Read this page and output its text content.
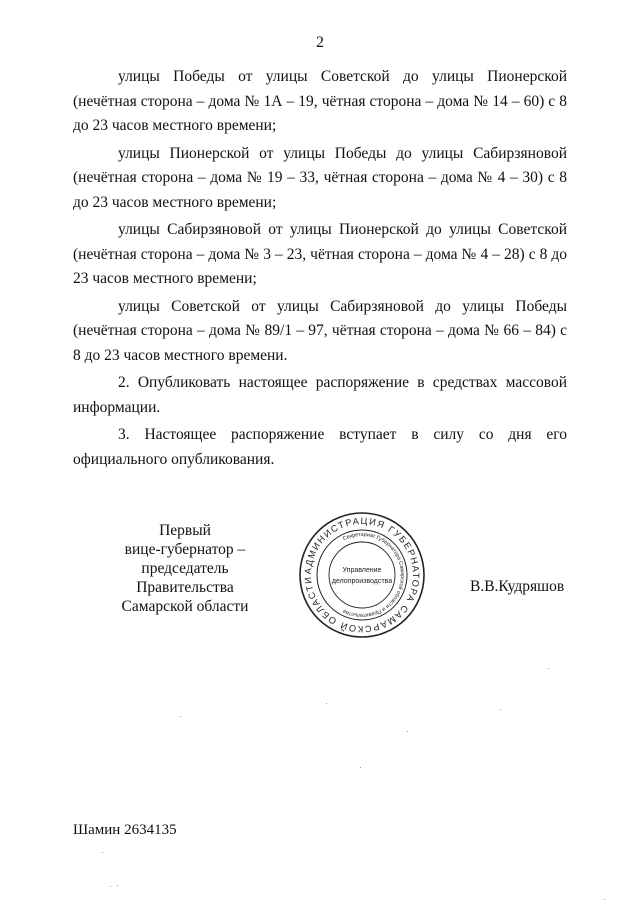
2

улицы Победы от улицы Советской до улицы Пионерской (нечётная сторона – дома № 1А – 19, чётная сторона – дома № 14 – 60) с 8 до 23 часов местного времени;

улицы Пионерской от улицы Победы до улицы Сабирзяновой (нечётная сторона – дома № 19 – 33, чётная сторона – дома № 4 – 30) с 8 до 23 часов местного времени;

улицы Сабирзяновой от улицы Пионерской до улицы Советской (нечётная сторона – дома № 3 – 23, чётная сторона – дома № 4 – 28) с 8 до 23 часов местного времени;

улицы Советской от улицы Сабирзяновой до улицы Победы (нечётная сторона – дома № 89/1 – 97, чётная сторона – дома № 66 – 84) с 8 до 23 часов местного времени.

2. Опубликовать настоящее распоряжение в средствах массовой информации.

3. Настоящее распоряжение вступает в силу со дня его официального опубликования.

Первый
вице-губернатор –
председатель Правительства
Самарской области
АДМИНИСТРАЦИЯ ГУБЕРНАТОРА САМАРСКОЙ ОБЛАСТИ
Секретариат Губернатора Самарской области и Правительства
Управление
делопроизводства	В.В.Кудряшов
Шамин 2634135
